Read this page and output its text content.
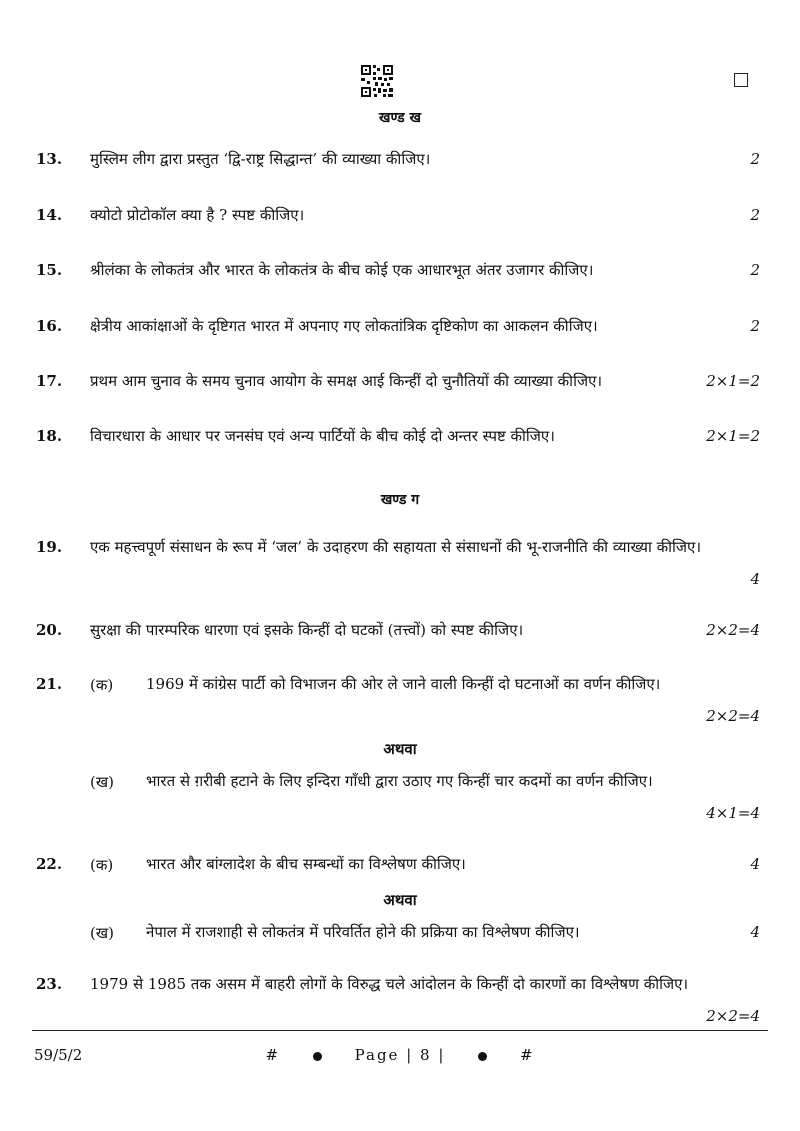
खण्ड ख
13. मुस्लिम लीग द्वारा प्रस्तुत ‘द्वि-राष्ट्र सिद्धान्त’ की व्याख्या कीजिए।	2
14. क्योटो प्रोटोकॉल क्या है ? स्पष्ट कीजिए।	2
15. श्रीलंका के लोकतंत्र और भारत के लोकतंत्र के बीच कोई एक आधारभूत अंतर उजागर कीजिए।	2
16. क्षेत्रीय आकांक्षाओं के दृष्टिगत भारत में अपनाए गए लोकतांत्रिक दृष्टिकोण का आकलन कीजिए।	2
17. प्रथम आम चुनाव के समय चुनाव आयोग के समक्ष आई किन्हीं दो चुनौतियों की व्याख्या कीजिए।	2×1=2
18. विचारधारा के आधार पर जनसंघ एवं अन्य पार्टियों के बीच कोई दो अन्तर स्पष्ट कीजिए।	2×1=2
खण्ड ग
19. एक महत्त्वपूर्ण संसाधन के रूप में ‘जल’ के उदाहरण की सहायता से संसाधनों की भू-राजनीति की व्याख्या कीजिए।
4
20. सुरक्षा की पारम्परिक धारणा एवं इसके किन्हीं दो घटकों (तत्त्वों) को स्पष्ट कीजिए।	2×2=4
21. (क) 1969 में कांग्रेस पार्टी को विभाजन की ओर ले जाने वाली किन्हीं दो घटनाओं का वर्णन कीजिए।
2×2=4
अथवा
(ख) भारत से ग़रीबी हटाने के लिए इन्दिरा गाँधी द्वारा उठाए गए किन्हीं चार कदमों का वर्णन कीजिए।
4×1=4
22. (क) भारत और बांग्लादेश के बीच सम्बन्धों का विश्लेषण कीजिए।	4
अथवा
(ख) नेपाल में राजशाही से लोकतंत्र में परिवर्तित होने की प्रक्रिया का विश्लेषण कीजिए।	4
23. 1979 से 1985 तक असम में बाहरी लोगों के विरुद्ध चले आंदोलन के किन्हीं दो कारणों का विश्लेषण कीजिए।
2×2=4
59/5/2	#	Page | 8 |	#
